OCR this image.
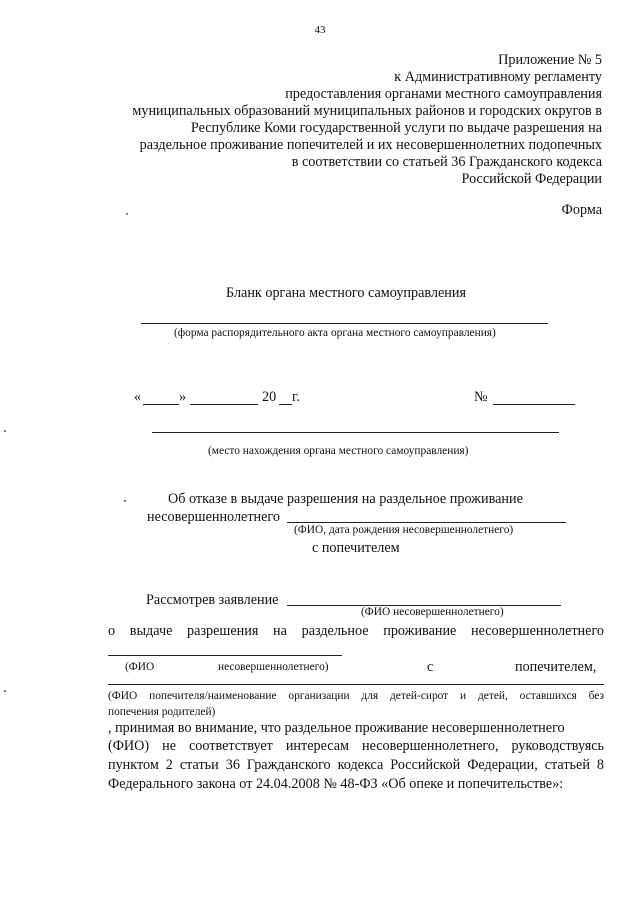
43
Приложение № 5
к Административному регламенту
предоставления органами местного самоуправления
муниципальных образований муниципальных районов и городских округов в
Республике Коми государственной услуги по выдаче разрешения на
раздельное проживание попечителей и их несовершеннолетних подопечных
в соответствии со статьей 36 Гражданского кодекса
Российской Федерации
Форма
Бланк органа местного самоуправления
(форма распорядительного акта органа местного самоуправления)
«	»	20 г.	№
(место нахождения органа местного самоуправления)
Об отказе в выдаче разрешения на раздельное проживание
несовершеннолетнего
(ФИО, дата рождения несовершеннолетнего)
с попечителем
Рассмотрев заявление
(ФИО несовершеннолетнего)
о выдаче разрешения на раздельное проживание несовершеннолетнего
(ФИО	несовершеннолетнего)	с	попечителем,
(ФИО попечителя/наименование организации для детей-сирот и детей, оставшихся без
попечения родителей)
, принимая во внимание, что раздельное проживание несовершеннолетнего
(ФИО) не соответствует интересам несовершеннолетнего, руководствуясь
пунктом 2 статьи 36 Гражданского кодекса Российской Федерации, статьей 8
Федерального закона от 24.04.2008 № 48-ФЗ «Об опеке и попечительстве»:
